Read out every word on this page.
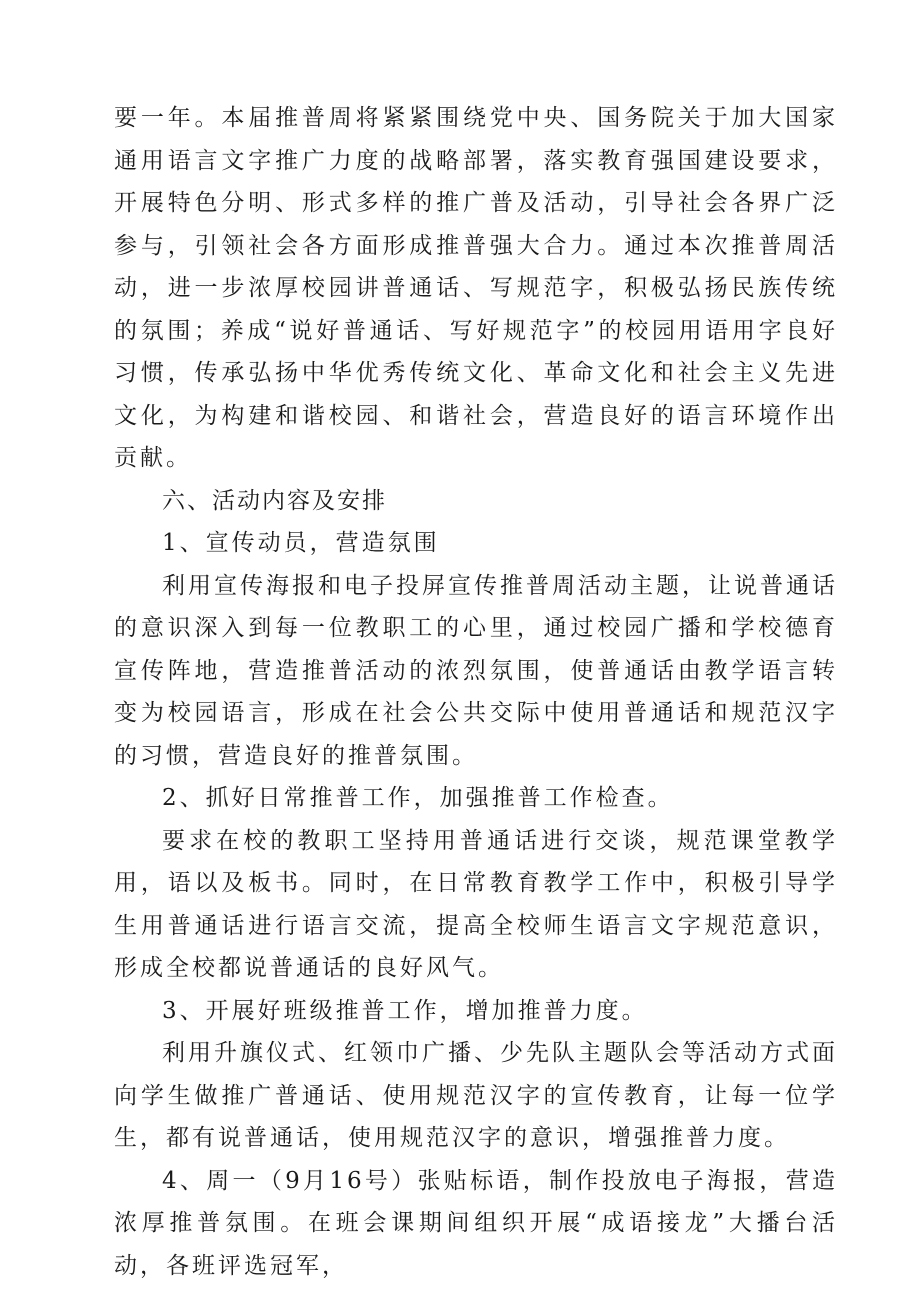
要一年。本届推普周将紧紧围绕党中央、国务院关于加大国家通用语言文字推广力度的战略部署，落实教育强国建设要求，开展特色分明、形式多样的推广普及活动，引导社会各界广泛参与，引领社会各方面形成推普强大合力。通过本次推普周活动，进一步浓厚校园讲普通话、写规范字，积极弘扬民族传统的氛围；养成“说好普通话、写好规范字”的校园用语用字良好习惯，传承弘扬中华优秀传统文化、革命文化和社会主义先进文化，为构建和谐校园、和谐社会，营造良好的语言环境作出贡献。

六、活动内容及安排

1、宣传动员，营造氛围

利用宣传海报和电子投屏宣传推普周活动主题，让说普通话的意识深入到每一位教职工的心里，通过校园广播和学校德育宣传阵地，营造推普活动的浓烈氛围，使普通话由教学语言转变为校园语言，形成在社会公共交际中使用普通话和规范汉字的习惯，营造良好的推普氛围。

2、抓好日常推普工作，加强推普工作检查。

要求在校的教职工坚持用普通话进行交谈，规范课堂教学用，语以及板书。同时，在日常教育教学工作中，积极引导学生用普通话进行语言交流，提高全校师生语言文字规范意识，形成全校都说普通话的良好风气。

3、开展好班级推普工作，增加推普力度。

利用升旗仪式、红领巾广播、少先队主题队会等活动方式面向学生做推广普通话、使用规范汉字的宣传教育，让每一位学生，都有说普通话，使用规范汉字的意识，增强推普力度。

4、周一（9月16号）张贴标语，制作投放电子海报，营造浓厚推普氛围。在班会课期间组织开展“成语接龙”大播台活动，各班评选冠军，
